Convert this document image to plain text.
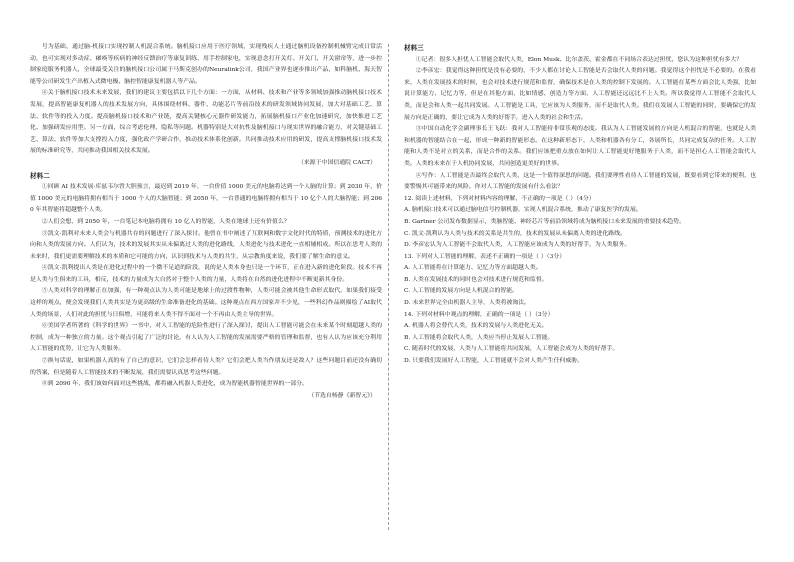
号为基础，通过脑-机接口实现控制人机混合系统。脑机接口应用于医疗领域，实现残疾人士通过脑机设备控制机械臂完成日常活动，也可实现对多动症、瘫痪等疾病的神经反馈治疗等康复训练，用手控制家电，实现意念打开关灯、开关门、开关窗帘等，进一步控制家庭服务机器人，全球最受关注的脑机接口公司属于马斯克创办的Neuralink公司，我国产业界也逐步推出产品，如科脑机、海天智能等公司研发生产出植入式微电极、脑控智能康复机器人等产品。

④关于脑机接口技术未来发展，我们的建议主要包括以下几个方面：一方面，从材料、技术和产业等多领域加强推动脑机接口技术发展，提高智能康复机器人的技术发展方向，具体围绕材料、器件、功能芯片等前沿技术的研发领域协同发展，加大对基础工艺、算法、软件等的投入力度。提高脑机接口技术和产业链，提高关键核心元器件研发能力，拓展脑机接口产业化加速研究，加快推进工艺化、加强研发应用型。另一方面，综合考虑伦理、隐私等问题。机器特别是大对抗性及脑机接口与现实世界的融合能力，对关键基础工艺、算法、软件等加大支撑投入力度，强化政产学研合作，推动技术体系化创新。共同推动技术应用的研发，提高支撑脑机接口技术发展的标准研究等，共同推动我国相关技术发展。

（来源于中国信通院 CACT）

材料二

①回顾 AI 技术发展·库兹韦尔曾大胆预言，最迟到 2019 年，一台价值 1000 美元的电脑将达到一个人脑的计算；到 2030 年，价值 1000 美元的电脑将拥有相当于 1000 个人的大脑智能；到 2050 年，一台普通的电脑将拥有相当于 10 亿个人的大脑智能；到 2060 年其智能将超越整个人类。

②人们会想，到 2050 年，一台笔记本电脑将拥有 10 亿人的智能，人类在地球上还有价值么？

③凯文·凯利对未来人类会与机器共存的问题进行了深入探讨。他曾在书中阐述了互联网和数字文化时代的特质，预测技术的进化方向和人类的发展方向。人们认为，技术的发展其实从未偏离过人类的进化路线，人类进化与技术进化一直相辅相成。所以在思考人类的未来时，我们更需要理解技术的本质和它可能的方向，认识到技术与人类的共生，从宗教角度来说，我们要了解生命的意义。

④凯文·凯利提出人类是在进化过程中的一个微不足道的阶段，说的是人类本身也只是一个环节，正在进入新的进化阶段。技术不再是人类与生俱来的工具，相反，技术的力量成为大自然对于整个人类的力量，人类将在自然的进化进程中不断更新其身份。

⑤人类对科学的理解正在加强，有一种观点认为人类可能是地球上的过渡性物种，人类可能会被其他生命形式取代。如果我们接受这样的观点，便会发现我们人类其实是为更高级的生命准备进化的基础。这种观点在西方国家并不少见，一些科幻作品则描绘了AI取代人类的场景，人们对此的担忧与日俱增，可能将来人类不得不面对一个不再由人类主导的世界。

⑥美国学者所著的《科学的世界》一书中，对人工智能的危险性进行了深入探讨，提出人工智能可能会在未来某个时刻超越人类的控制，成为一种独立的力量。这个观点引起了广泛的讨论，有人认为人工智能的发展需要严格的管理和监督，也有人认为应该充分利用人工智能的优势，让它为人类服务。

⑦换句话说，如果机器人真的有了自己的意识，它们会怎样看待人类？它们会把人类当作朋友还是敌人？这些问题目前还没有确切的答案，但是随着人工智能技术的不断发展，我们需要认真思考这些问题。

⑧到 2090 年，我们该如何面对这些挑战，都将融入机器人类进化，成为智能机器智能世界的一部分。

（节选自杨静《新智元》）

材料三

①记者：很多人担忧人工智能会取代人类，Elon Musk、比尔盖茨、霍金都在不同场合表达过担忧，您认为这种担忧有多大？

②李彦宏：我觉得这种担忧是没有必要的，不少人都在讨论人工智能是否会取代人类的问题。我觉得这个担忧是不必要的。在我看来，人类在发展技术的时候，也会对技术进行规范和监督，确保技术是在人类的控制下发展的。人工智能在某些方面会比人类强，比如说计算能力、记忆力等，但是在其他方面，比如情感、创造力等方面，人工智能还远远比不上人类。所以我觉得人工智能不会取代人类，而是会和人类一起共同发展。人工智能是工具，它应该为人类服务，而不是取代人类。我们在发展人工智能的同时，要确保它的发展方向是正确的，要让它成为人类的好帮手，进入人类的社会和生活。

③中国自动化学会副理事长王飞跃：我对人工智能持非常乐观的态度。我认为人工智能发展的方向是人机混合的智能，也就是人类和机器的智能结合在一起，形成一种新的智能形态。在这种新形态下，人类和机器各有分工，各展所长，共同完成复杂的任务。人工智能和人类不是对立的关系，而是合作的关系。我们应该把重点放在如何让人工智能更好地服务于人类，而不是担心人工智能会取代人类。人类的未来在于人机协同发展，共同创造更美好的世界。

④写作：人工智能是否最终会取代人类，这是一个值得深思的问题。我们要理性看待人工智能的发展，既要看到它带来的便利，也要警惕其可能带来的风险。你对人工智能的发展有什么看法？

12. 阅读上述材料，下列对材料内容的理解，不正确的一项是（ ）（4分）

A. 脑机接口技术可以通过脑电信号控制机器，实现人机混合系统，推动了康复医学的发展。

B. Gartner 公司发布数据显示，类脑智能、神经芯片等前沿领域将成为脑机接口未来发展的重要技术趋势。

C. 凯文·凯利认为人类与技术的关系是共生的，技术的发展从未偏离人类的进化路线。

D. 李彦宏认为人工智能不会取代人类，人工智能应该成为人类的好帮手，为人类服务。

13. 下列对人工智能的理解，表述不正确的一项是（ ）（3分）

A. 人工智能将在计算能力、记忆力等方面超越人类。

B. 人类在发展技术的同时也会对技术进行规范和监督。

C. 人工智能的发展方向是人机混合的智能。

D. 未来世界完全由机器人主导，人类将被淘汰。

14. 下列对材料中观点的理解，正确的一项是（ ）（3分）

A. 机器人将会替代人类，技术的发展与人类进化无关。

B. 人工智能将会取代人类，人类应当停止发展人工智能。

C. 随着时代的发展，人类与人工智能将共同发展，人工智能会成为人类的好帮手。

D. 只要我们发展好人工智能，人工智能就不会对人类产生任何威胁。
